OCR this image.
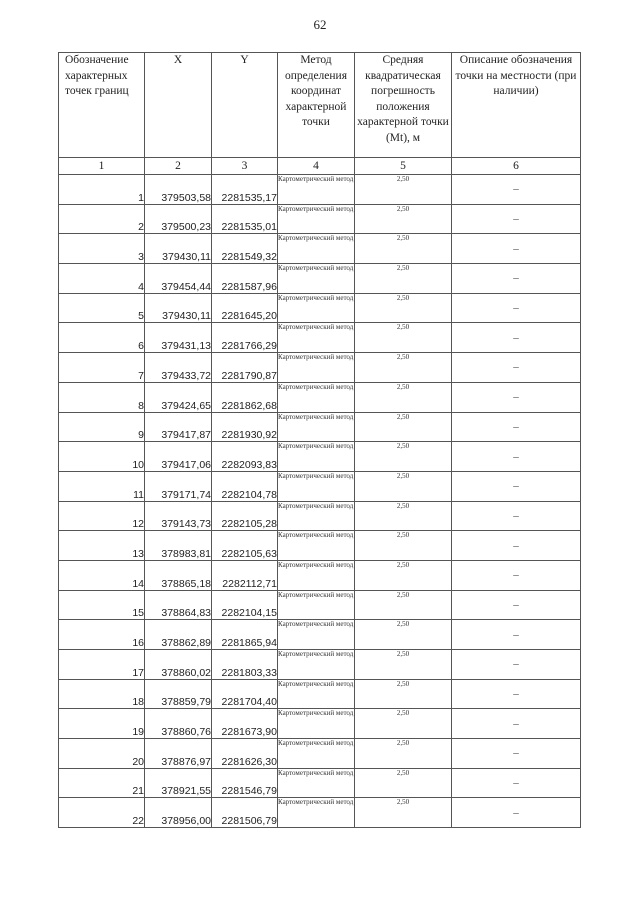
62
Обозначение характерных точек границ	X	Y	Метод определения координат характерной точки	Средняя квадратическая погрешность положения характерной точки (Mt), м	Описание обозначения точки на местности (при наличии)
1	2	3	4	5	6
1	379503,58	2281535,17	Картометрический метод	2,50	–
2	379500,23	2281535,01	Картометрический метод	2,50	–
3	379430,11	2281549,32	Картометрический метод	2,50	–
4	379454,44	2281587,96	Картометрический метод	2,50	–
5	379430,11	2281645,20	Картометрический метод	2,50	–
6	379431,13	2281766,29	Картометрический метод	2,50	–
7	379433,72	2281790,87	Картометрический метод	2,50	–
8	379424,65	2281862,68	Картометрический метод	2,50	–
9	379417,87	2281930,92	Картометрический метод	2,50	–
10	379417,06	2282093,83	Картометрический метод	2,50	–
11	379171,74	2282104,78	Картометрический метод	2,50	–
12	379143,73	2282105,28	Картометрический метод	2,50	–
13	378983,81	2282105,63	Картометрический метод	2,50	–
14	378865,18	2282112,71	Картометрический метод	2,50	–
15	378864,83	2282104,15	Картометрический метод	2,50	–
16	378862,89	2281865,94	Картометрический метод	2,50	–
17	378860,02	2281803,33	Картометрический метод	2,50	–
18	378859,79	2281704,40	Картометрический метод	2,50	–
19	378860,76	2281673,90	Картометрический метод	2,50	–
20	378876,97	2281626,30	Картометрический метод	2,50	–
21	378921,55	2281546,79	Картометрический метод	2,50	–
22	378956,00	2281506,79	Картометрический метод	2,50	–
